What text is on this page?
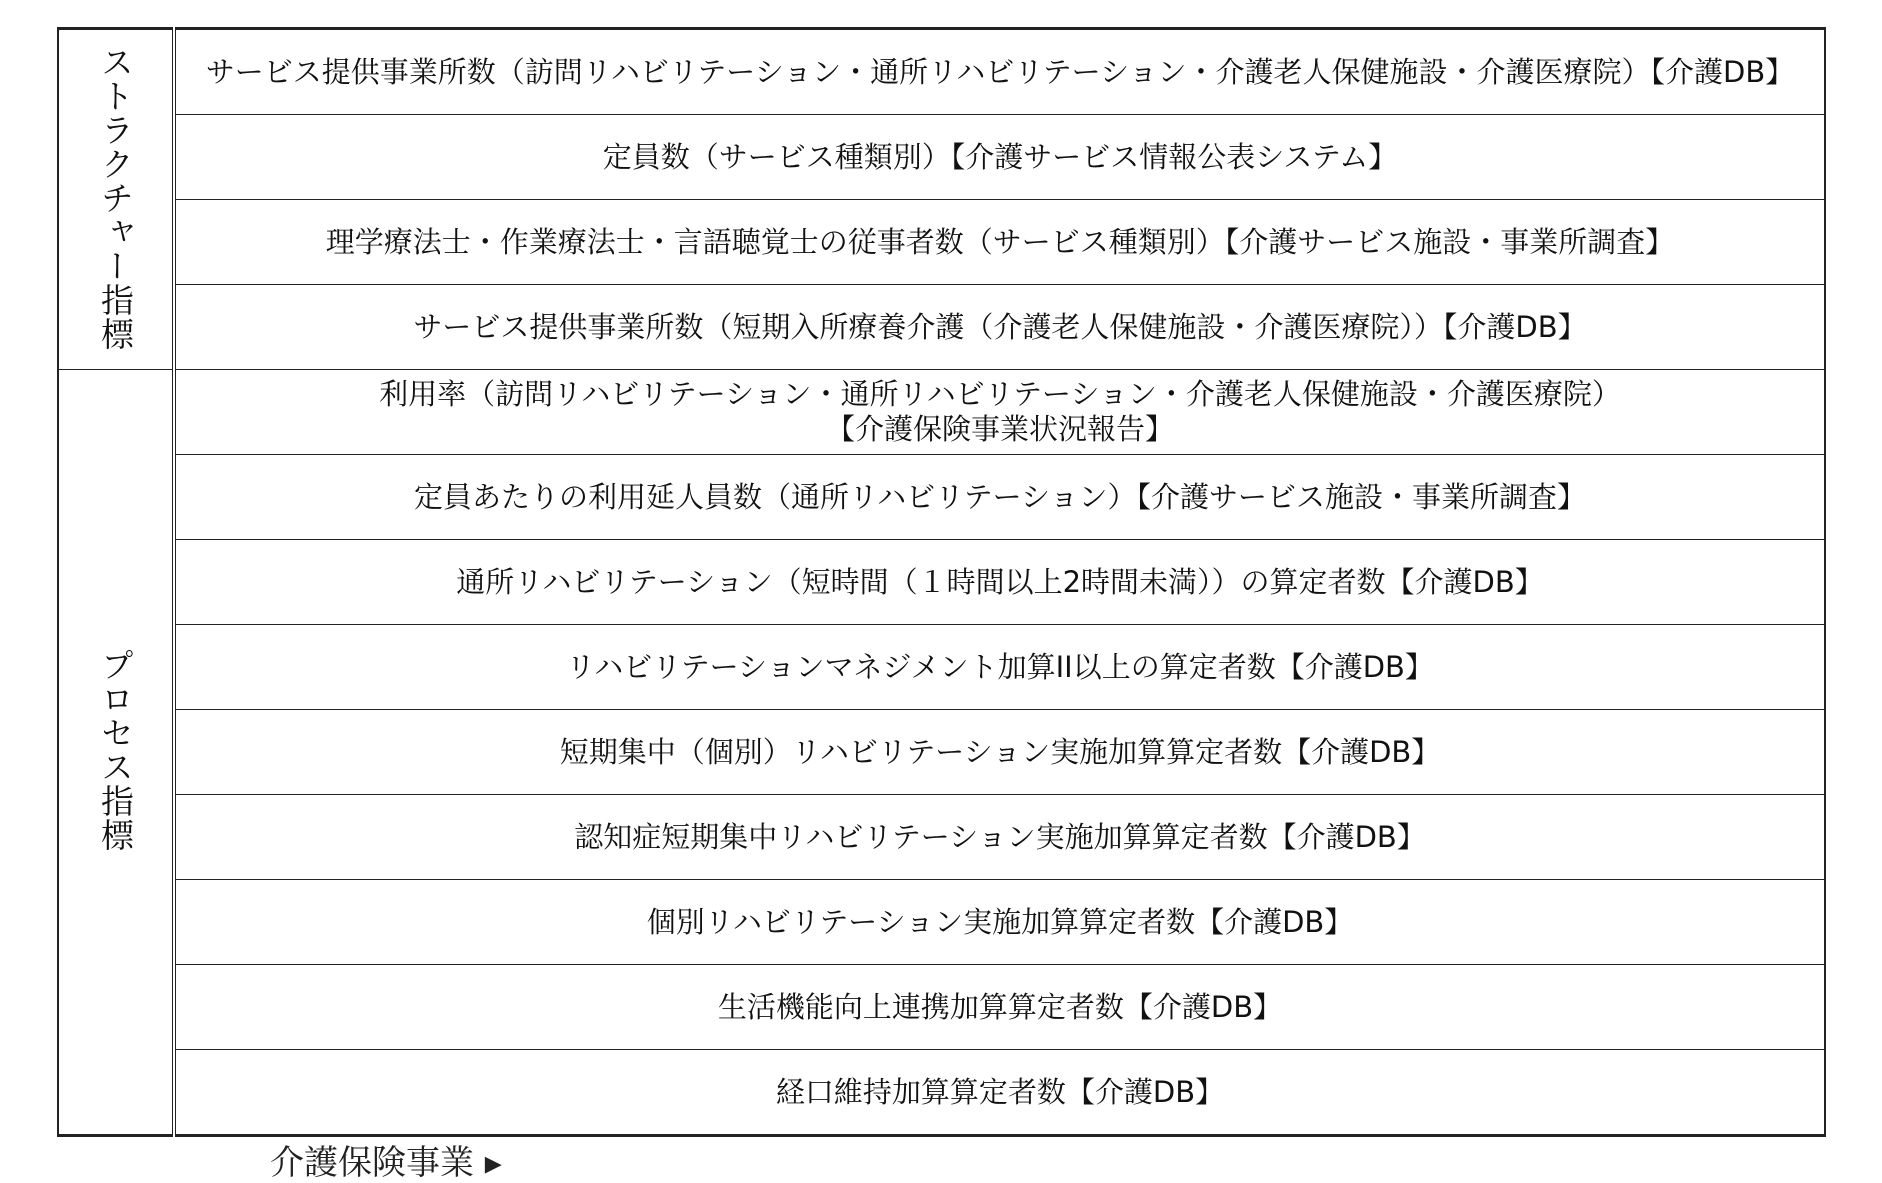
ストラクチャー指標	サービス提供事業所数（訪問リハビリテーション・通所リハビリテーション・介護老人保健施設・介護医療院）【介護DB】

	定員数（サービス種類別）【介護サービス情報公表システム】

	理学療法士・作業療法士・言語聴覚士の従事者数（サービス種類別）【介護サービス施設・事業所調査】

	サービス提供事業所数（短期入所療養介護（介護老人保健施設・介護医療院））【介護DB】

プロセス指標	利用率（訪問リハビリテーション・通所リハビリテーション・介護老人保健施設・介護医療院）
【介護保険事業状況報告】

	定員あたりの利用延人員数（通所リハビリテーション）【介護サービス施設・事業所調査】

	通所リハビリテーション（短時間（１時間以上2時間未満））の算定者数【介護DB】

	リハビリテーションマネジメント加算II以上の算定者数【介護DB】

	短期集中（個別）リハビリテーション実施加算算定者数【介護DB】

	認知症短期集中リハビリテーション実施加算算定者数【介護DB】

	個別リハビリテーション実施加算算定者数【介護DB】

	生活機能向上連携加算算定者数【介護DB】

	経口維持加算算定者数【介護DB】
介護保険事業 ▸
